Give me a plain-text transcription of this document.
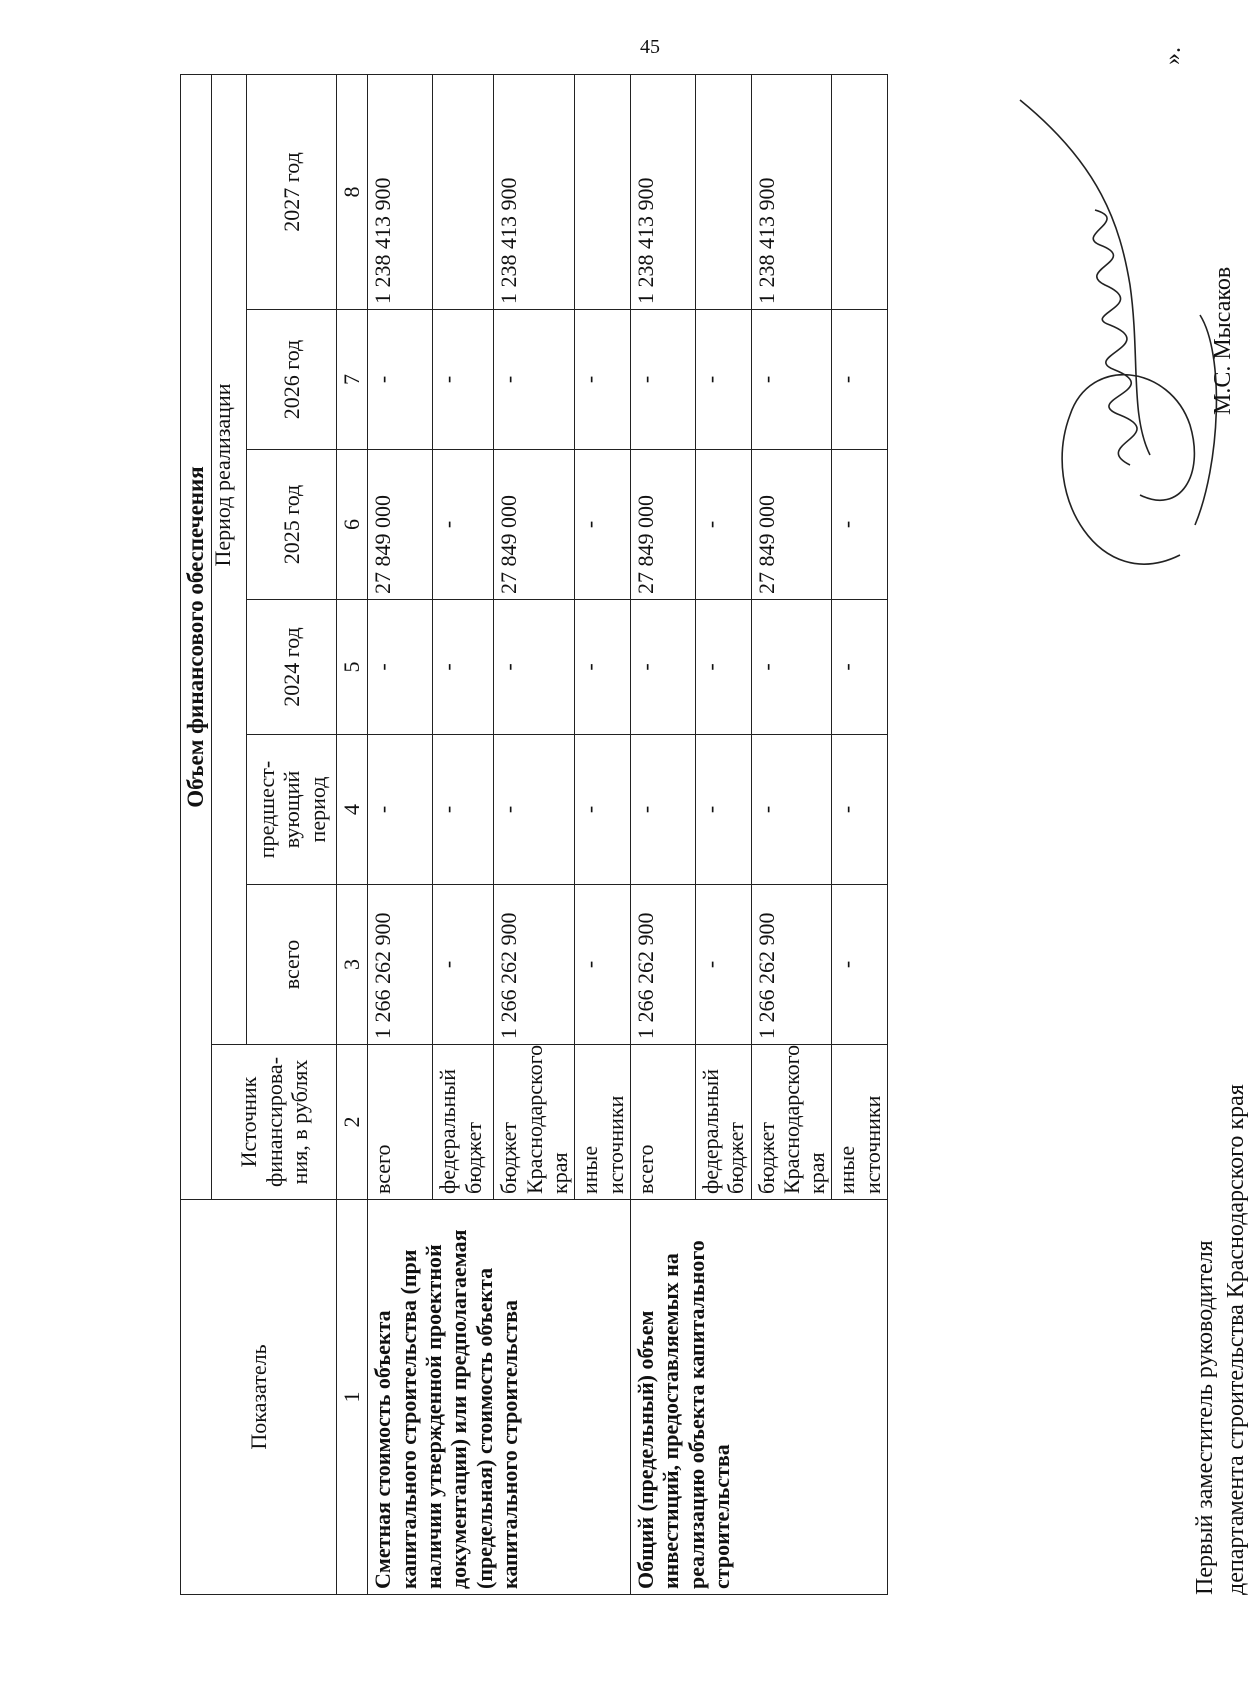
45
Показатель	Объем финансового обеспечения						
	Источник финансирова-ния, в рублях						
		всего	предшест-вующий период	2024 год	2025 год	2026 год	2027 год
1	2	3	4	5	6	7	8
Сметная стоимость объекта капитального строительства (при наличии утвержденной проектной документации) или предполагаемая (предельная) стоимость объекта капитального строительства	всего	1 266 262 900	-	-	27 849 000	-	1 238 413 900
	федеральный бюджет	-	-	-	-	-	
	бюджет Краснодарского края	1 266 262 900	-	-	27 849 000	-	1 238 413 900
	иные источники	-	-	-	-	-	
Общий (предельный) объем инвестиций, предоставляемых на реализацию объекта капитального строительства	всего	1 266 262 900	-	-	27 849 000	-	1 238 413 900
	федеральный бюджет	-	-	-	-	-	
	бюджет Краснодарского края	1 266 262 900	-	-	27 849 000	-	1 238 413 900
	иные источники	-	-	-	-	-	
Период реализации
».
Первый заместитель руководителя департамента строительства Краснодарского края
М.С. Мысаков
